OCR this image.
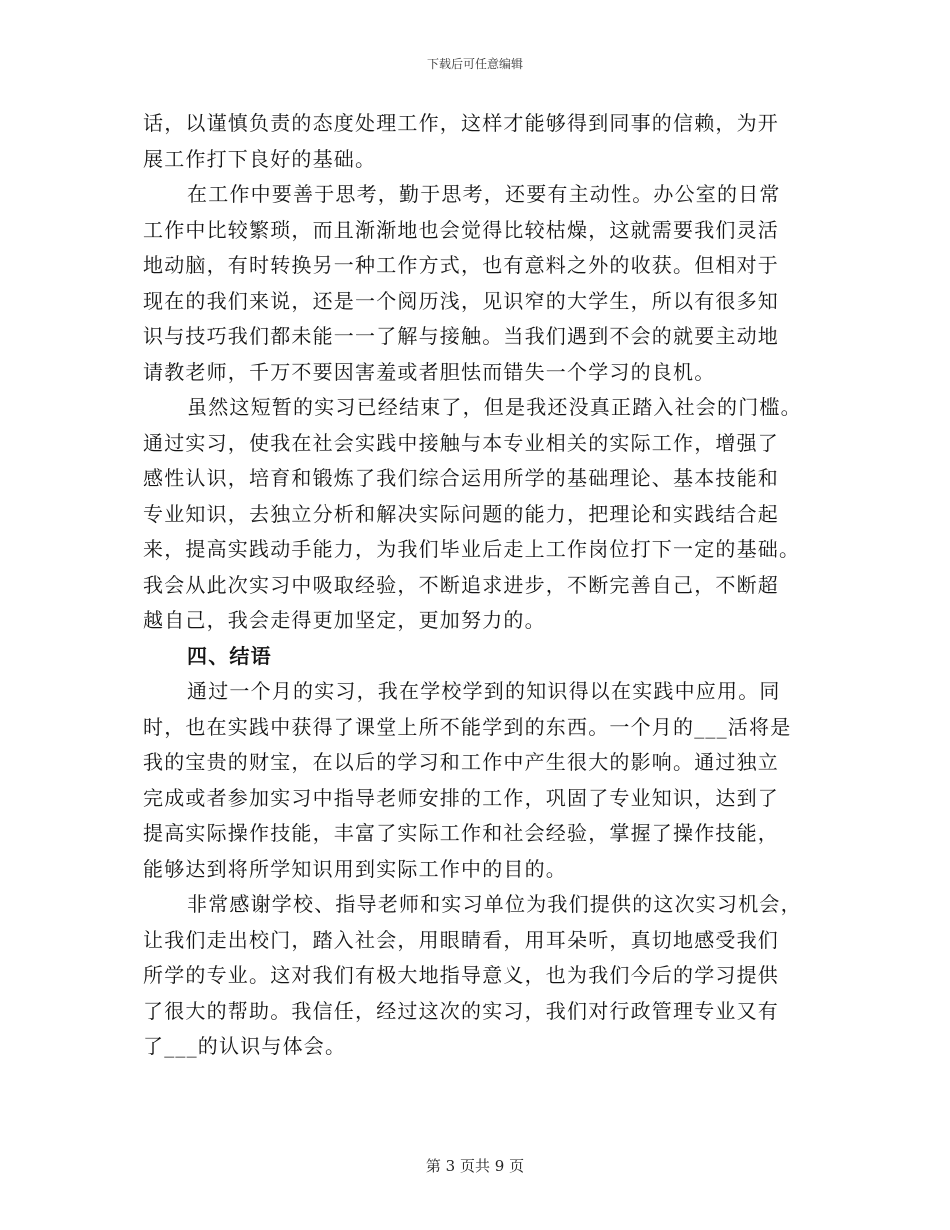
下载后可任意编辑
话，以谨慎负责的态度处理工作，这样才能够得到同事的信赖，为开
展工作打下良好的基础。
在工作中要善于思考，勤于思考，还要有主动性。办公室的日常
工作中比较繁琐，而且渐渐地也会觉得比较枯燥，这就需要我们灵活
地动脑，有时转换另一种工作方式，也有意料之外的收获。但相对于
现在的我们来说，还是一个阅历浅，见识窄的大学生，所以有很多知
识与技巧我们都未能一一了解与接触。当我们遇到不会的就要主动地
请教老师，千万不要因害羞或者胆怯而错失一个学习的良机。
虽然这短暂的实习已经结束了，但是我还没真正踏入社会的门槛。
通过实习，使我在社会实践中接触与本专业相关的实际工作，增强了
感性认识，培育和锻炼了我们综合运用所学的基础理论、基本技能和
专业知识，去独立分析和解决实际问题的能力，把理论和实践结合起
来，提高实践动手能力，为我们毕业后走上工作岗位打下一定的基础。
我会从此次实习中吸取经验，不断追求进步，不断完善自己，不断超
越自己，我会走得更加坚定，更加努力的。
四、结语
通过一个月的实习，我在学校学到的知识得以在实践中应用。同
时，也在实践中获得了课堂上所不能学到的东西。一个月的___活将是
我的宝贵的财宝，在以后的学习和工作中产生很大的影响。通过独立
完成或者参加实习中指导老师安排的工作，巩固了专业知识，达到了
提高实际操作技能，丰富了实际工作和社会经验，掌握了操作技能，
能够达到将所学知识用到实际工作中的目的。
非常感谢学校、指导老师和实习单位为我们提供的这次实习机会，
让我们走出校门，踏入社会，用眼睛看，用耳朵听，真切地感受我们
所学的专业。这对我们有极大地指导意义，也为我们今后的学习提供
了很大的帮助。我信任，经过这次的实习，我们对行政管理专业又有
了___的认识与体会。
第 3 页共 9 页
